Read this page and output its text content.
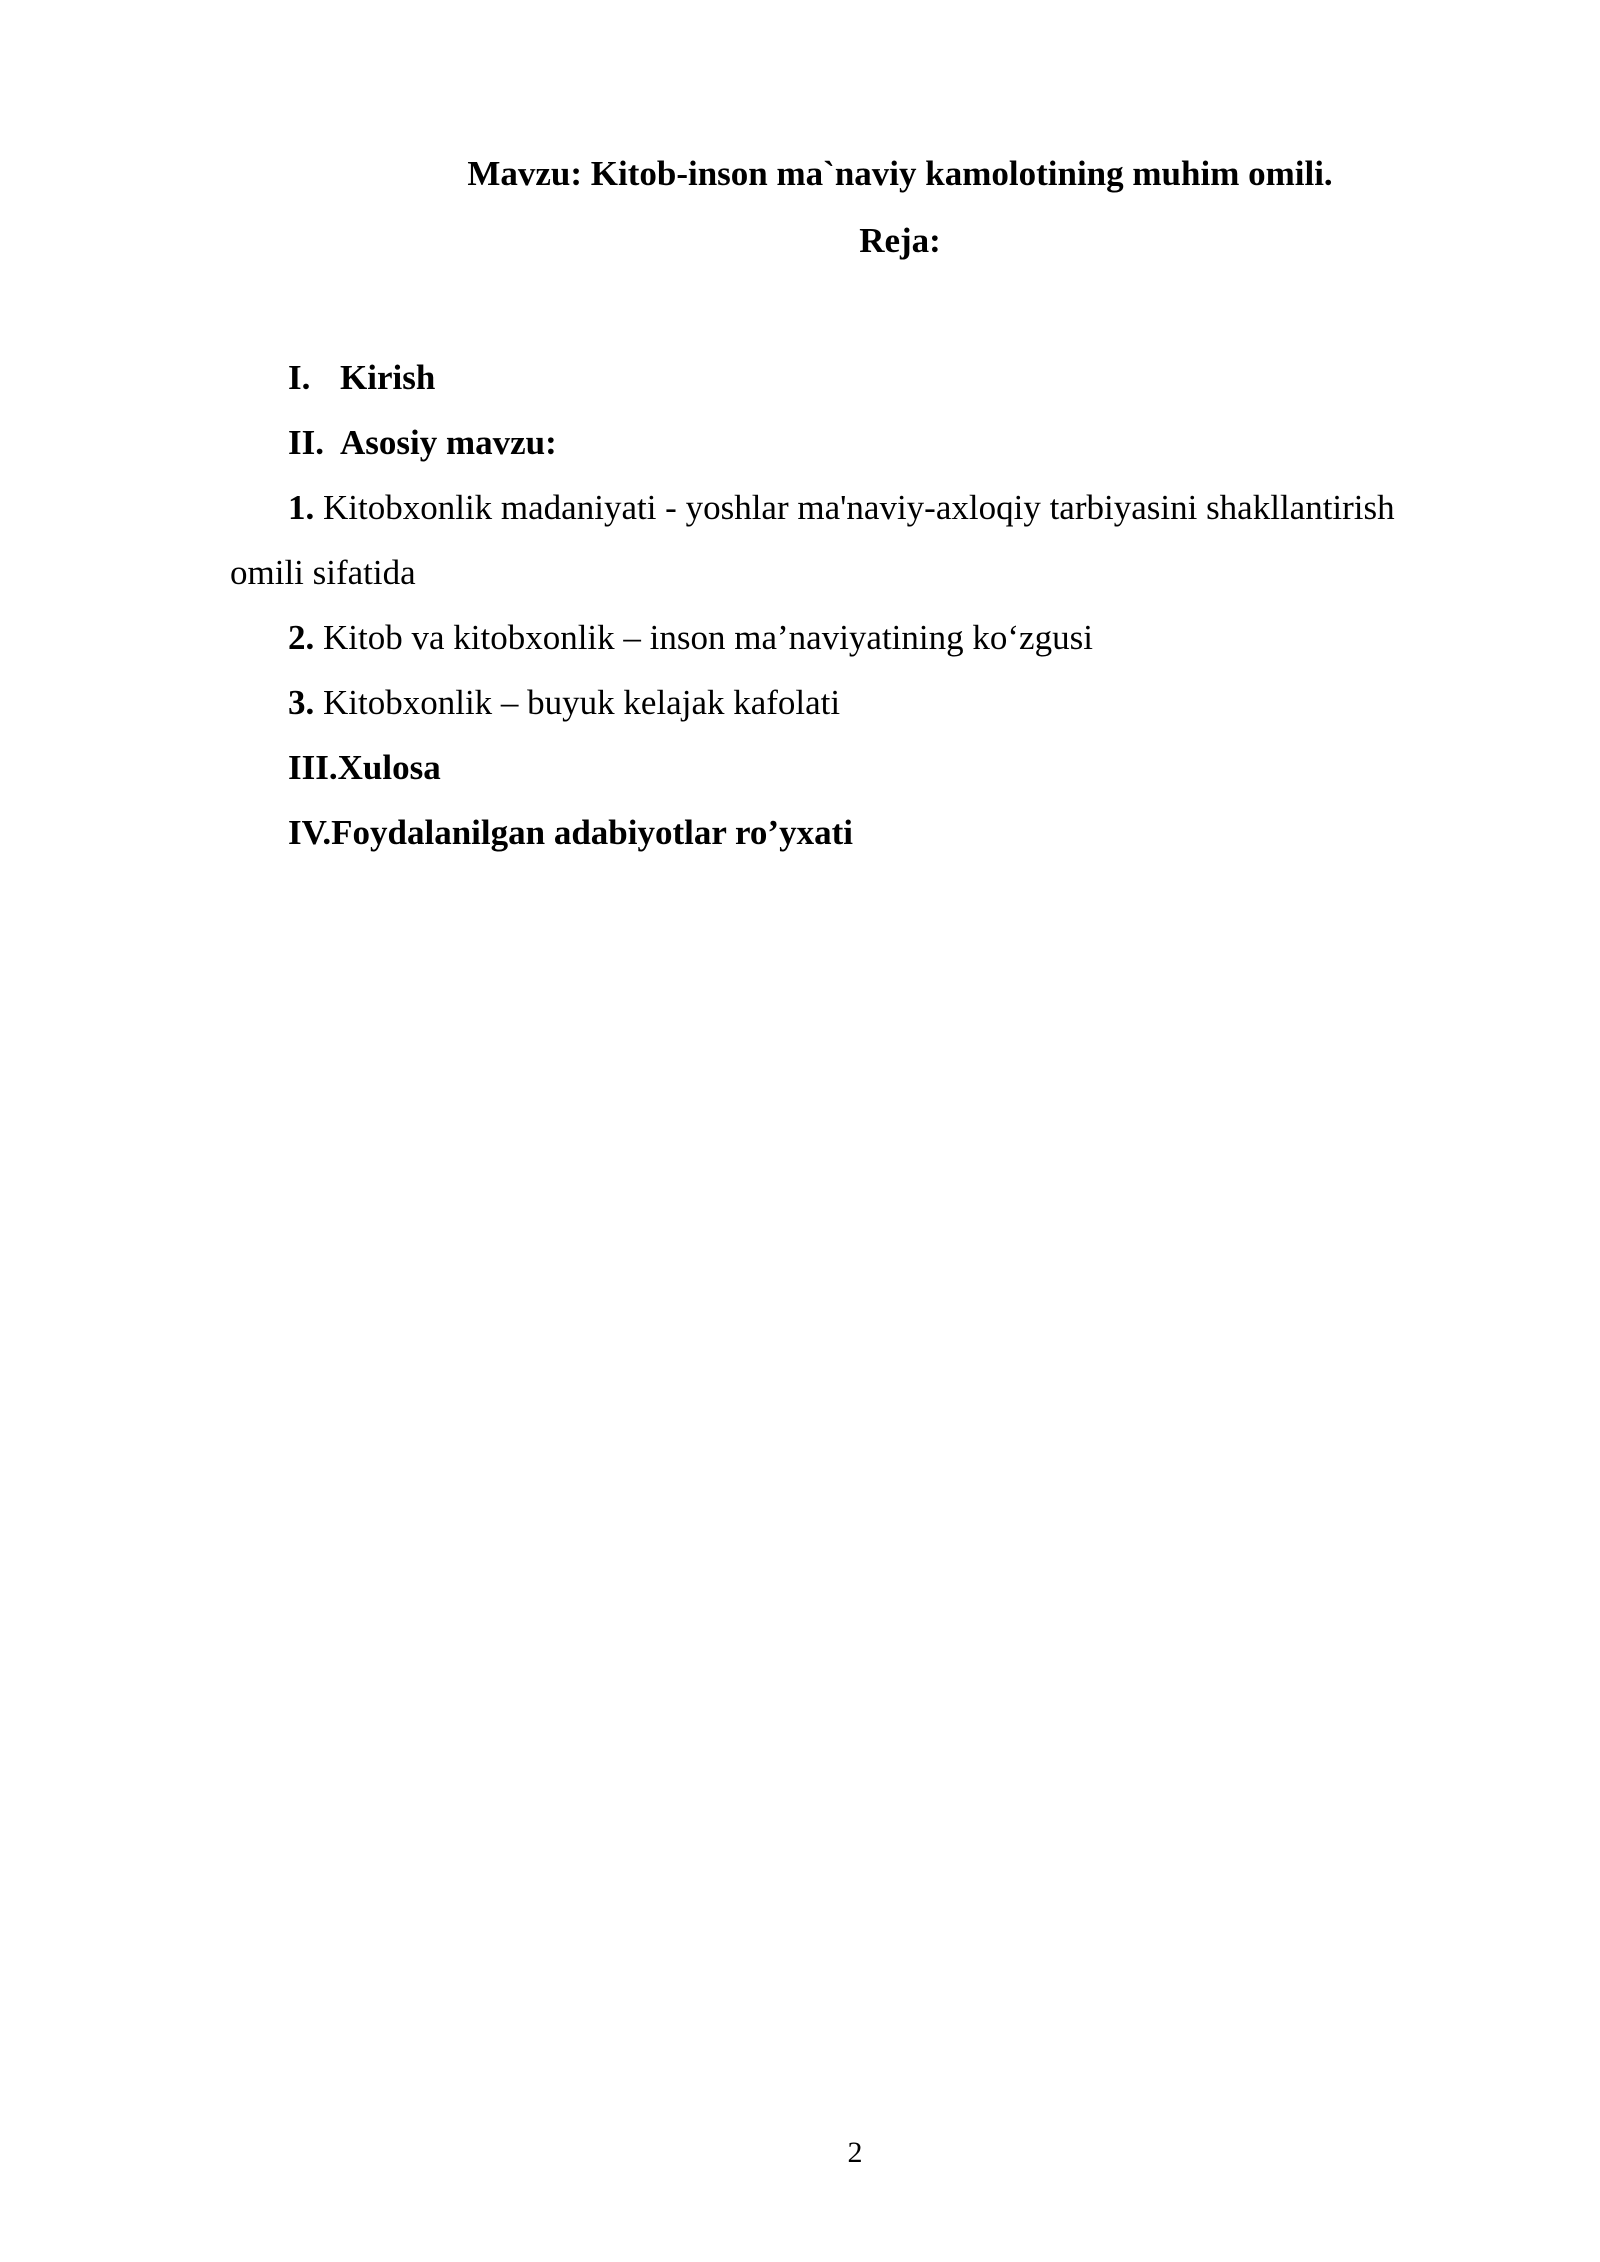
Mavzu: Kitob-inson ma`naviy kamolotining muhim omili.
Reja:
I. Kirish
II. Asosiy mavzu:
1. Kitobxonlik madaniyati - yoshlar ma'naviy-axloqiy tarbiyasini shakllantirish
omili sifatida
2. Kitob va kitobxonlik – inson ma’naviyatining ko‘zgusi
3. Kitobxonlik – buyuk kelajak kafolati
III.Xulosa
IV.Foydalanilgan adabiyotlar ro’yxati
2
